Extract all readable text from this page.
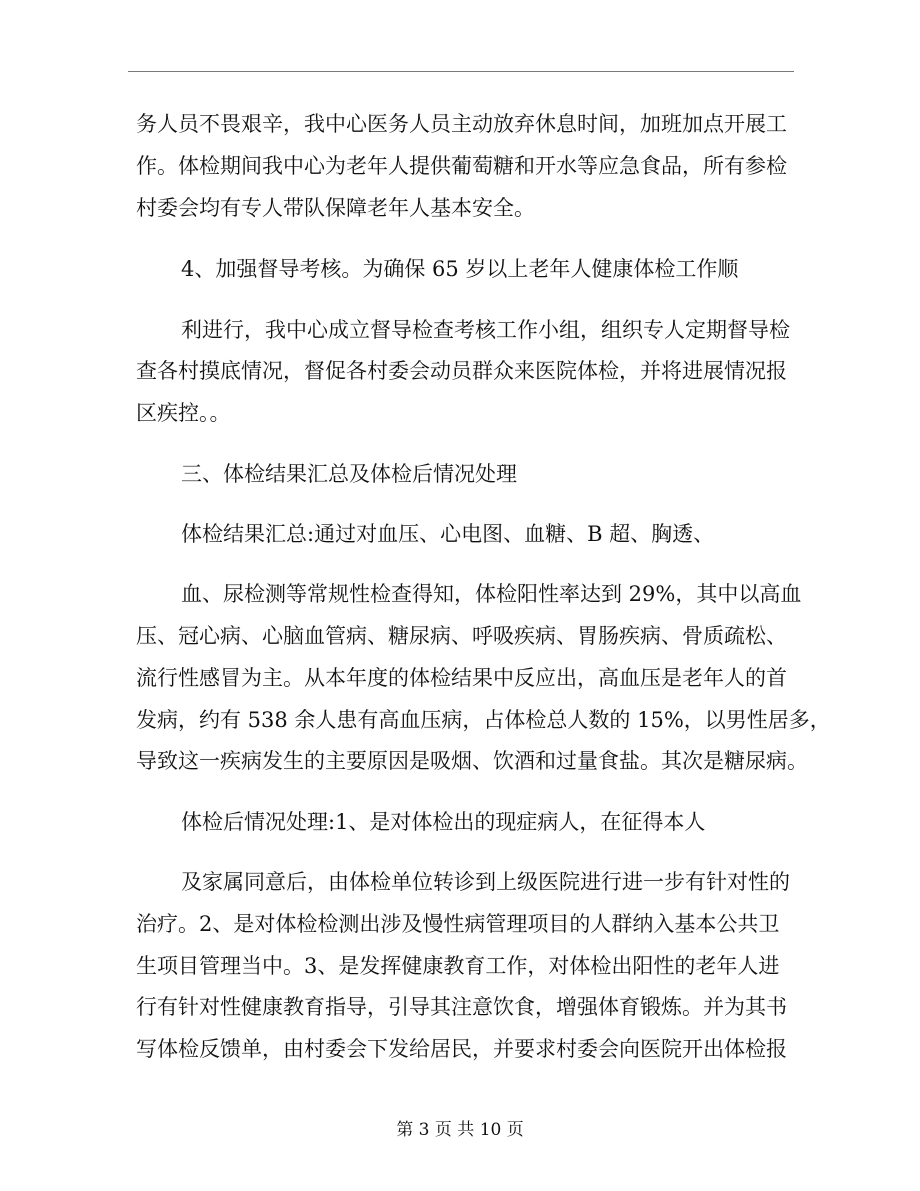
务人员不畏艰辛，我中心医务人员主动放弃休息时间，加班加点开展工
作。体检期间我中心为老年人提供葡萄糖和开水等应急食品，所有参检
村委会均有专人带队保障老年人基本安全。
4、加强督导考核。为确保 65 岁以上老年人健康体检工作顺
利进行，我中心成立督导检查考核工作小组，组织专人定期督导检
查各村摸底情况，督促各村委会动员群众来医院体检，并将进展情况报
区疾控。。
三、体检结果汇总及体检后情况处理
体检结果汇总:通过对血压、心电图、血糖、B 超、胸透、
血、尿检测等常规性检查得知，体检阳性率达到 29%，其中以高血
压、冠心病、心脑血管病、糖尿病、呼吸疾病、胃肠疾病、骨质疏松、
流行性感冒为主。从本年度的体检结果中反应出，高血压是老年人的首
发病，约有 538 余人患有高血压病，占体检总人数的 15%，以男性居多，
导致这一疾病发生的主要原因是吸烟、饮酒和过量食盐。其次是糖尿病。
体检后情况处理:1、是对体检出的现症病人，在征得本人
及家属同意后，由体检单位转诊到上级医院进行进一步有针对性的
治疗。2、是对体检检测出涉及慢性病管理项目的人群纳入基本公共卫
生项目管理当中。3、是发挥健康教育工作，对体检出阳性的老年人进
行有针对性健康教育指导，引导其注意饮食，增强体育锻炼。并为其书
写体检反馈单，由村委会下发给居民，并要求村委会向医院开出体检报
第 3 页 共 10 页
